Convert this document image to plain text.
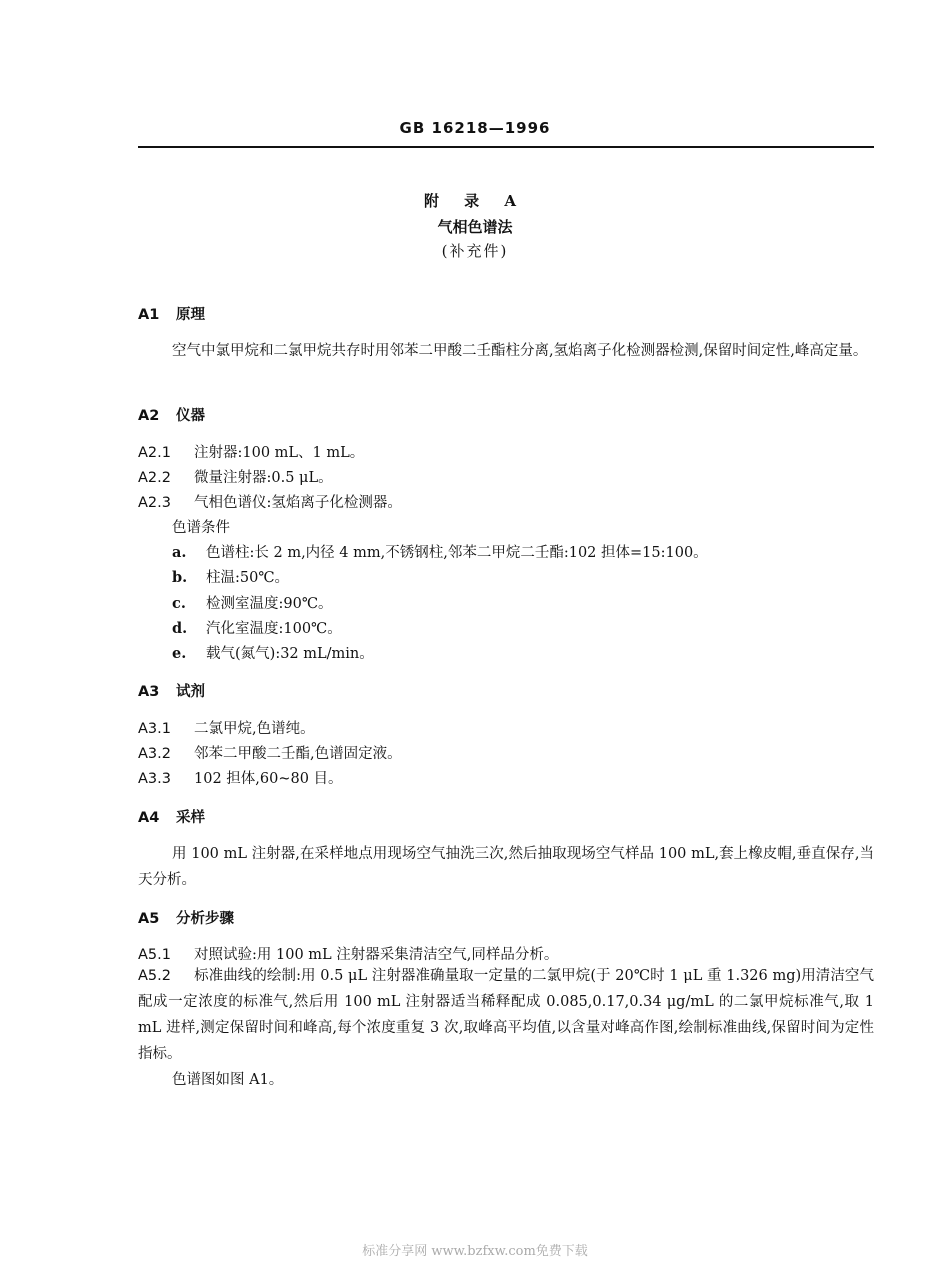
GB 16218—1996
附 录 A
气相色谱法
(补充件)
A1 原理
空气中氯甲烷和二氯甲烷共存时用邻苯二甲酸二壬酯柱分离,氢焰离子化检测器检测,保留时间定性,峰高定量。
A2 仪器
A2.1 注射器:100 mL、1 mL。
A2.2 微量注射器:0.5 μL。
A2.3 气相色谱仪:氢焰离子化检测器。
色谱条件
a. 色谱柱:长 2 m,内径 4 mm,不锈钢柱,邻苯二甲烷二壬酯:102 担体=15:100。
b. 柱温:50℃。
c. 检测室温度:90℃。
d. 汽化室温度:100℃。
e. 载气(氮气):32 mL/min。
A3 试剂
A3.1 二氯甲烷,色谱纯。
A3.2 邻苯二甲酸二壬酯,色谱固定液。
A3.3 102 担体,60~80 目。
A4 采样
用 100 mL 注射器,在采样地点用现场空气抽洗三次,然后抽取现场空气样品 100 mL,套上橡皮帽,垂直保存,当天分析。
A5 分析步骤
A5.1 对照试验:用 100 mL 注射器采集清洁空气,同样品分析。
A5.2 标准曲线的绘制:用 0.5 μL 注射器准确量取一定量的二氯甲烷(于 20℃时 1 μL 重 1.326 mg)用清洁空气配成一定浓度的标准气,然后用 100 mL 注射器适当稀释配成 0.085,0.17,0.34 μg/mL 的二氯甲烷标准气,取 1 mL 进样,测定保留时间和峰高,每个浓度重复 3 次,取峰高平均值,以含量对峰高作图,绘制标准曲线,保留时间为定性指标。
色谱图如图 A1。
标准分享网 www.bzfxw.com免费下载
